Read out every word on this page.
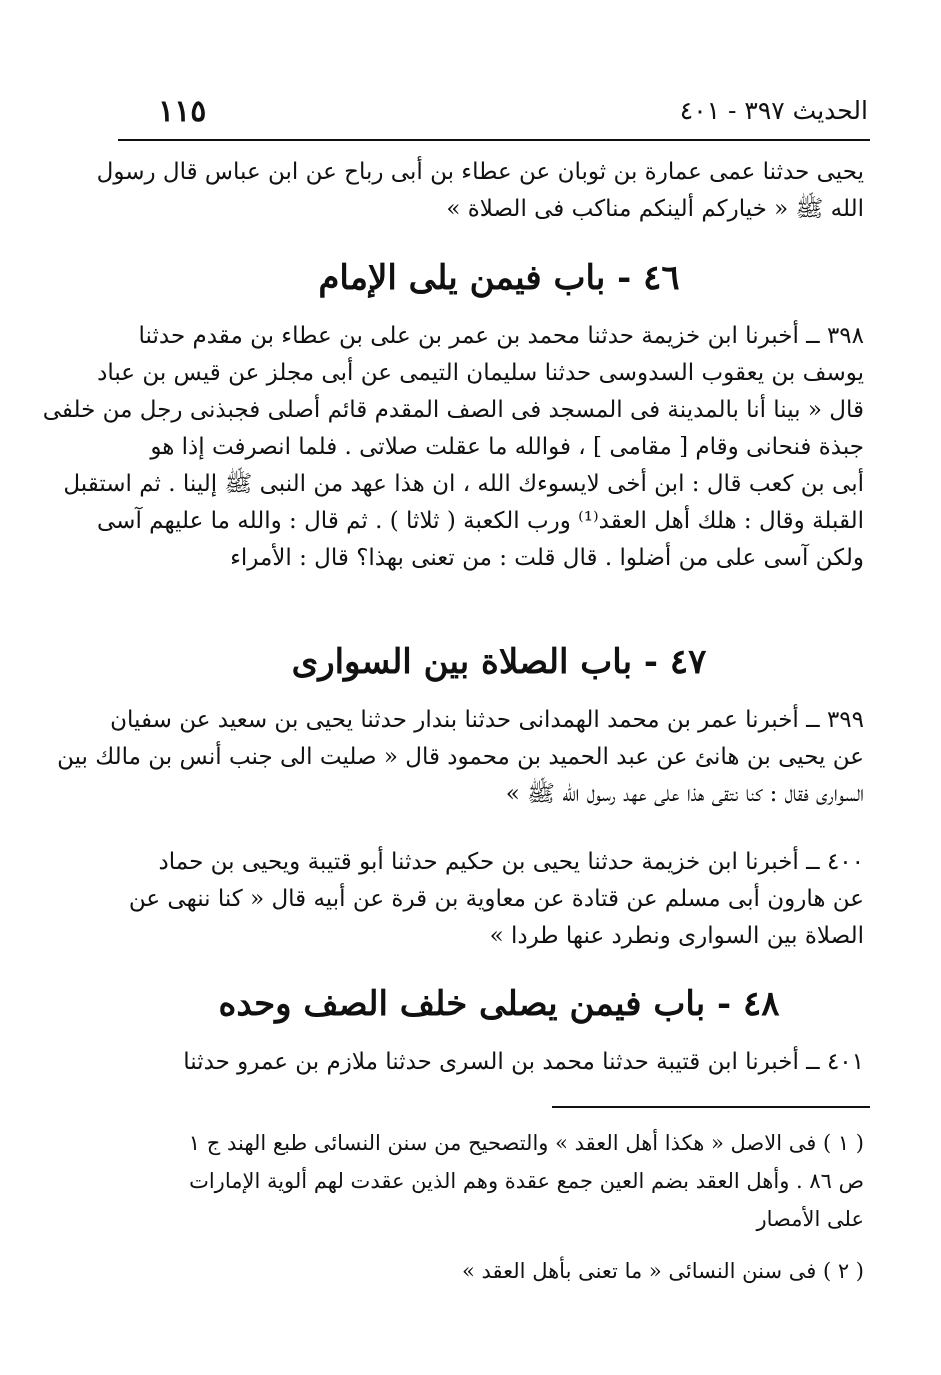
١١٥	الحديث ٣٩٧ - ٤٠١
يحيى حدثنا عمى عمارة بن ثوبان عن عطاء بن أبى رباح عن ابن عباس قال رسول
الله ﷺ « خياركم ألينكم مناكب فى الصلاة »
٤٦ - باب فيمن يلى الإمام
٣٩٨ ــ أخبرنا ابن خزيمة حدثنا محمد بن عمر بن على بن عطاء بن مقدم حدثنا
يوسف بن يعقوب السدوسى حدثنا سليمان التيمى عن أبى مجلز عن قيس بن عباد
قال « بينا أنا بالمدينة فى المسجد فى الصف المقدم قائم أصلى فجبذنى رجل من خلفى
جبذة فنحانى وقام [ مقامى ] ، فوالله ما عقلت صلاتى . فلما انصرفت إذا هو
أبى بن كعب قال : ابن أخى لايسوءك الله ، ان هذا عهد من النبى ﷺ إلينا . ثم استقبل
القبلة وقال : هلك أهل العقد⁽¹⁾ ورب الكعبة ( ثلاثا ) . ثم قال : والله ما عليهم آسى
ولكن آسى على من أضلوا . قال قلت : من تعنى بهذا؟ قال : الأمراء
٤٧ - باب الصلاة بين السوارى
٣٩٩ ــ أخبرنا عمر بن محمد الهمدانى حدثنا بندار حدثنا يحيى بن سعيد عن سفيان
عن يحيى بن هانئ عن عبد الحميد بن محمود قال « صليت الى جنب أنس بن مالك بين
السوارى فقال : كنا نتقى هذا على عهد رسول الله ﷺ »
٤٠٠ ــ أخبرنا ابن خزيمة حدثنا يحيى بن حكيم حدثنا أبو قتيبة ويحيى بن حماد
عن هارون أبى مسلم عن قتادة عن معاوية بن قرة عن أبيه قال « كنا ننهى عن
الصلاة بين السوارى ونطرد عنها طردا »
٤٨ - باب فيمن يصلى خلف الصف وحده
٤٠١ ــ أخبرنا ابن قتيبة حدثنا محمد بن السرى حدثنا ملازم بن عمرو حدثنا
( ١ ) فى الاصل « هكذا أهل العقد » والتصحيح من سنن النسائى طبع الهند ج ١
ص ٨٦ . وأهل العقد بضم العين جمع عقدة وهم الذين عقدت لهم ألوية الإمارات
على الأمصار
( ٢ ) فى سنن النسائى « ما تعنى بأهل العقد »
